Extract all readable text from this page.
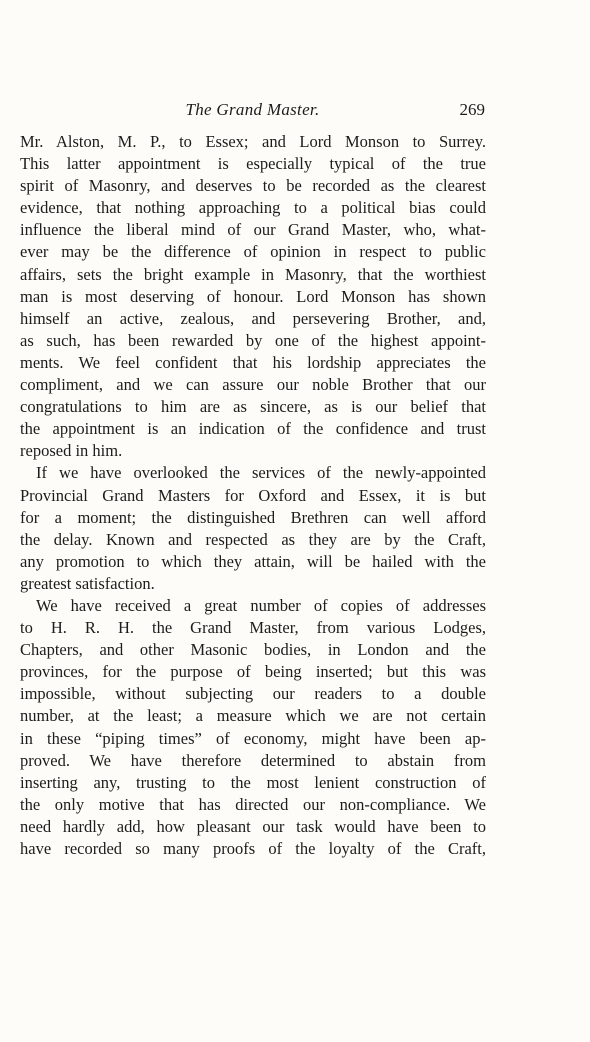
The Grand Master.	269
Mr. Alston, M. P., to Essex; and Lord Monson to Surrey.
This latter appointment is especially typical of the true
spirit of Masonry, and deserves to be recorded as the clearest
evidence, that nothing approaching to a political bias could
influence the liberal mind of our Grand Master, who, what-
ever may be the difference of opinion in respect to public
affairs, sets the bright example in Masonry, that the worthiest
man is most deserving of honour. Lord Monson has shown
himself an active, zealous, and persevering Brother, and,
as such, has been rewarded by one of the highest appoint-
ments. We feel confident that his lordship appreciates the
compliment, and we can assure our noble Brother that our
congratulations to him are as sincere, as is our belief that
the appointment is an indication of the confidence and trust
reposed in him.
If we have overlooked the services of the newly-appointed
Provincial Grand Masters for Oxford and Essex, it is but
for a moment; the distinguished Brethren can well afford
the delay. Known and respected as they are by the Craft,
any promotion to which they attain, will be hailed with the
greatest satisfaction.
We have received a great number of copies of addresses
to H. R. H. the Grand Master, from various Lodges,
Chapters, and other Masonic bodies, in London and the
provinces, for the purpose of being inserted; but this was
impossible, without subjecting our readers to a double
number, at the least; a measure which we are not certain
in these “piping times” of economy, might have been ap-
proved. We have therefore determined to abstain from
inserting any, trusting to the most lenient construction of
the only motive that has directed our non-compliance. We
need hardly add, how pleasant our task would have been to
have recorded so many proofs of the loyalty of the Craft,
